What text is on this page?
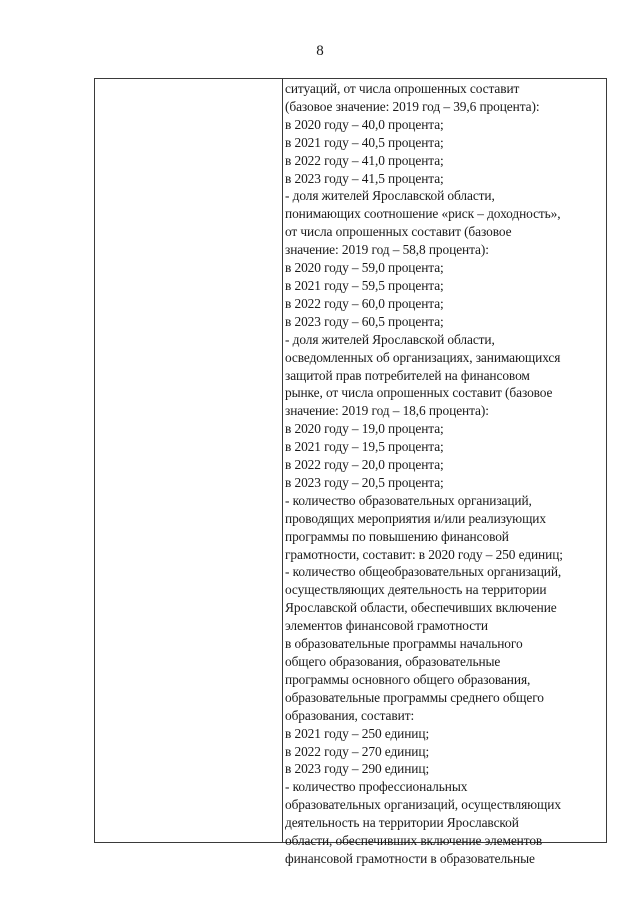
8
ситуаций, от числа опрошенных составит
(базовое значение: 2019 год – 39,6 процента):
в 2020 году – 40,0 процента;
в 2021 году – 40,5 процента;
в 2022 году – 41,0 процента;
в 2023 году – 41,5 процента;
- доля жителей Ярославской области,
понимающих соотношение «риск – доходность»,
от числа опрошенных составит (базовое
значение: 2019 год – 58,8 процента):
в 2020 году – 59,0 процента;
в 2021 году – 59,5 процента;
в 2022 году – 60,0 процента;
в 2023 году – 60,5 процента;
- доля жителей Ярославской области,
осведомленных об организациях, занимающихся
защитой прав потребителей на финансовом
рынке, от числа опрошенных составит (базовое
значение: 2019 год – 18,6 процента):
в 2020 году – 19,0 процента;
в 2021 году – 19,5 процента;
в 2022 году – 20,0 процента;
в 2023 году – 20,5 процента;
- количество образовательных организаций,
проводящих мероприятия и/или реализующих
программы по повышению финансовой
грамотности, составит: в 2020 году – 250 единиц;
- количество общеобразовательных организаций,
осуществляющих деятельность на территории
Ярославской области, обеспечивших включение
элементов финансовой грамотности
в образовательные программы начального
общего образования, образовательные
программы основного общего образования,
образовательные программы среднего общего
образования, составит:
в 2021 году – 250 единиц;
в 2022 году – 270 единиц;
в 2023 году – 290 единиц;
- количество профессиональных
образовательных организаций, осуществляющих
деятельность на территории Ярославской
области, обеспечивших включение элементов
финансовой грамотности в образовательные
